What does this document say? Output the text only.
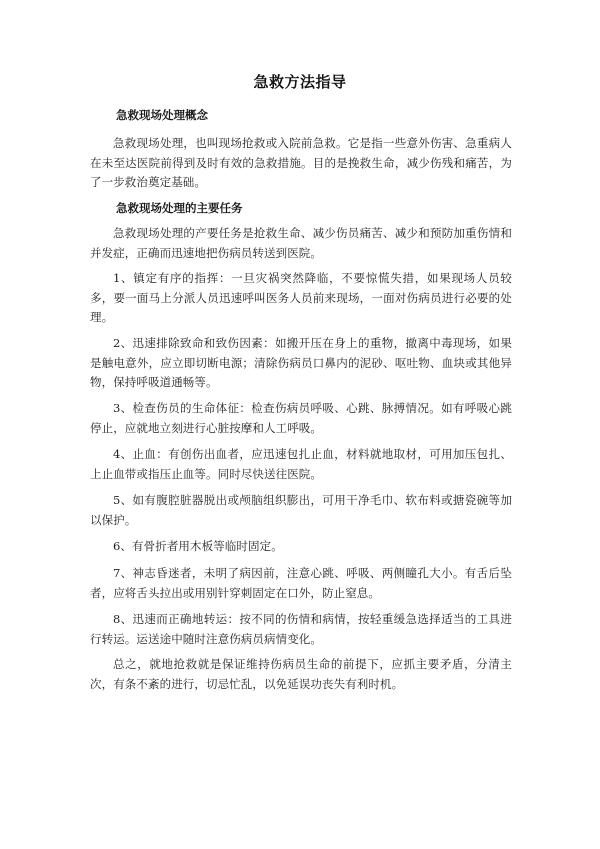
急救方法指导
急救现场处理概念

急救现场处理，也叫现场抢救或入院前急救。它是指一些意外伤害、急重病人在未至达医院前得到及时有效的急救措施。目的是挽救生命，减少伤残和痛苦，为了一步救治奠定基础。

急救现场处理的主要任务

急救现场处理的产要任务是抢救生命、减少伤员痛苦、减少和预防加重伤情和并发症，正确而迅速地把伤病员转送到医院。

1、镇定有序的指挥：一旦灾祸突然降临，不要惊慌失措，如果现场人员较多，要一面马上分派人员迅速呼叫医务人员前来现场，一面对伤病员进行必要的处理。

2、迅速排除致命和致伤因素：如搬开压在身上的重物，撤离中毒现场，如果是触电意外，应立即切断电源；清除伤病员口鼻内的泥砂、呕吐物、血块或其他异物，保持呼吸道通畅等。

3、检查伤员的生命体征：检查伤病员呼吸、心跳、脉搏情况。如有呼吸心跳停止，应就地立刻进行心脏按摩和人工呼吸。

4、止血：有创伤出血者，应迅速包扎止血，材料就地取材，可用加压包扎、上止血带或指压止血等。同时尽快送往医院。

5、如有腹腔脏器脱出或颅脑组织膨出，可用干净毛巾、软布料或搪瓷碗等加以保护。

6、有骨折者用木板等临时固定。

7、神志昏迷者，未明了病因前，注意心跳、呼吸、两侧瞳孔大小。有舌后坠者，应将舌头拉出或用别针穿刺固定在口外，防止窒息。

8、迅速而正确地转运：按不同的伤情和病情，按轻重缓急选择适当的工具进行转运。运送途中随时注意伤病员病情变化。

总之，就地抢救就是保证维持伤病员生命的前提下，应抓主要矛盾，分清主次，有条不紊的进行，切忌忙乱，以免延误功丧失有利时机。
